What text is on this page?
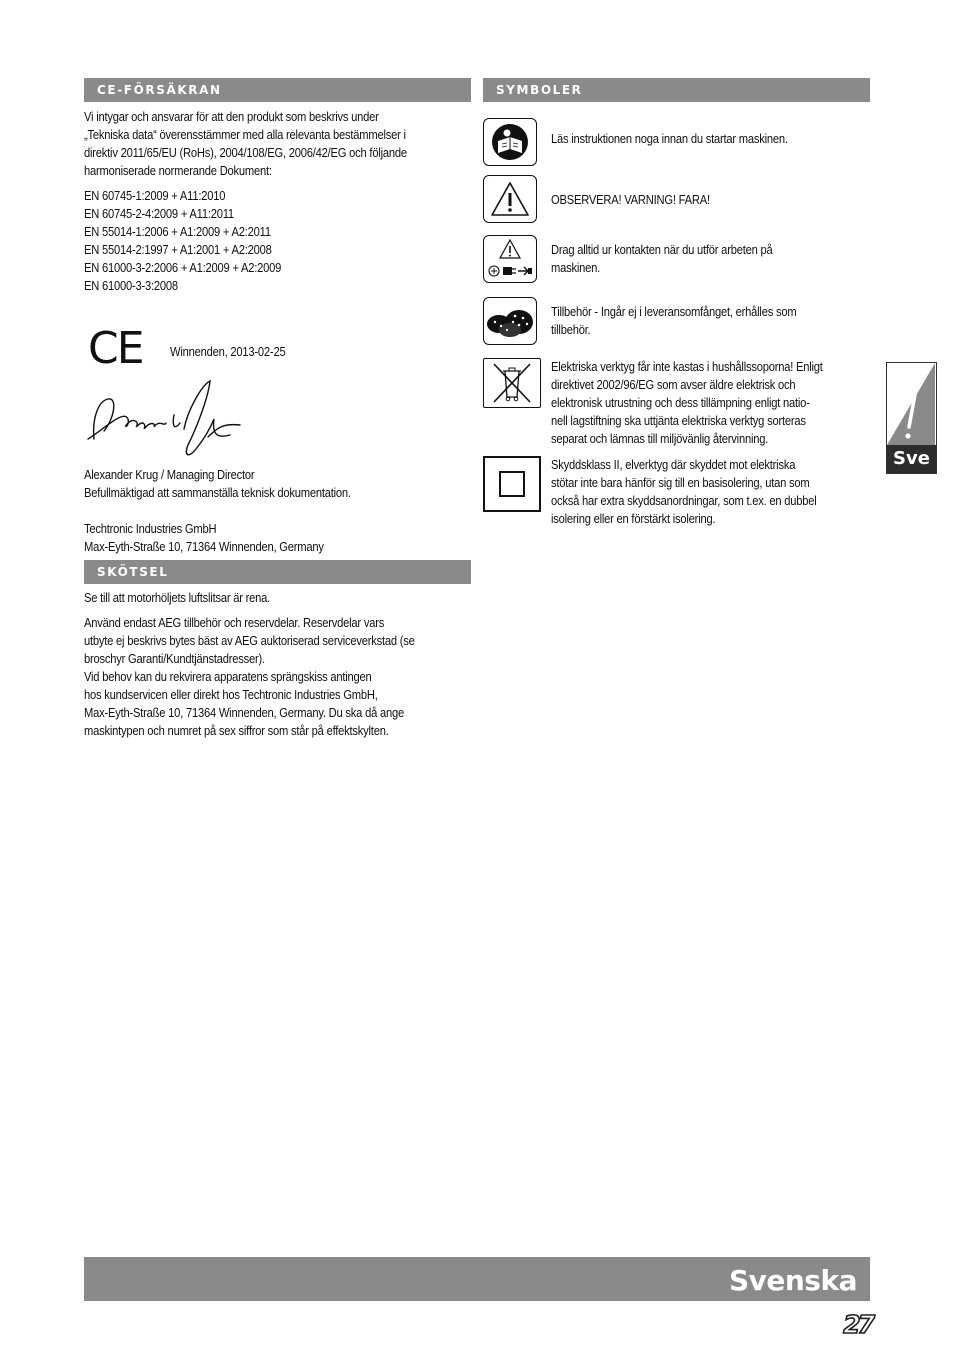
CE-FÖRSÄKRAN

Vi intygar och ansvarar för att den produkt som beskrivs under

„Tekniska data“ överensstämmer med alla relevanta bestämmelser i

direktiv 2011/65/EU (RoHs), 2004/108/EG, 2006/42/EG och följande

harmoniserade normerande Dokument:

EN 60745-1:2009 + A11:2010

EN 60745-2-4:2009 + A11:2011

EN 55014-1:2006 + A1:2009 + A2:2011

EN 55014-2:1997 + A1:2001 + A2:2008

EN 61000-3-2:2006 + A1:2009 + A2:2009

EN 61000-3-3:2008

CE Winnenden, 2013-02-25

Alexander Krug / Managing Director

Befullmäktigad att sammanställa teknisk dokumentation.

Techtronic Industries GmbH

Max-Eyth-Straße 10, 71364 Winnenden, Germany

SKÖTSEL

Se till att motorhöljets luftslitsar är rena.

Använd endast AEG tillbehör och reservdelar. Reservdelar vars

utbyte ej beskrivs bytes bäst av AEG auktoriserad serviceverkstad (se

broschyr Garanti/Kundtjänstadresser).

Vid behov kan du rekvirera apparatens sprängskiss antingen

hos kundservicen eller direkt hos Techtronic Industries GmbH,

Max-Eyth-Straße 10, 71364 Winnenden, Germany. Du ska då ange

maskintypen och numret på sex siffror som står på effektskylten.

SYMBOLER

Läs instruktionen noga innan du startar maskinen.

OBSERVERA! VARNING! FARA!

Drag alltid ur kontakten när du utför arbeten på

maskinen.

Tillbehör - Ingår ej i leveransomfånget, erhålles som

tillbehör.

Elektriska verktyg får inte kastas i hushållssoporna! Enligt

direktivet 2002/96/EG som avser äldre elektrisk och

elektronisk utrustning och dess tillämpning enligt natio-

nell lagstiftning ska uttjänta elektriska verktyg sorteras

separat och lämnas till miljövänlig återvinning.

Skyddsklass II, elverktyg där skyddet mot elektriska

stötar inte bara hänför sig till en basisolering, utan som

också har extra skyddsanordningar, som t.ex. en dubbel

isolering eller en förstärkt isolering.

Sve
Svenska
27
